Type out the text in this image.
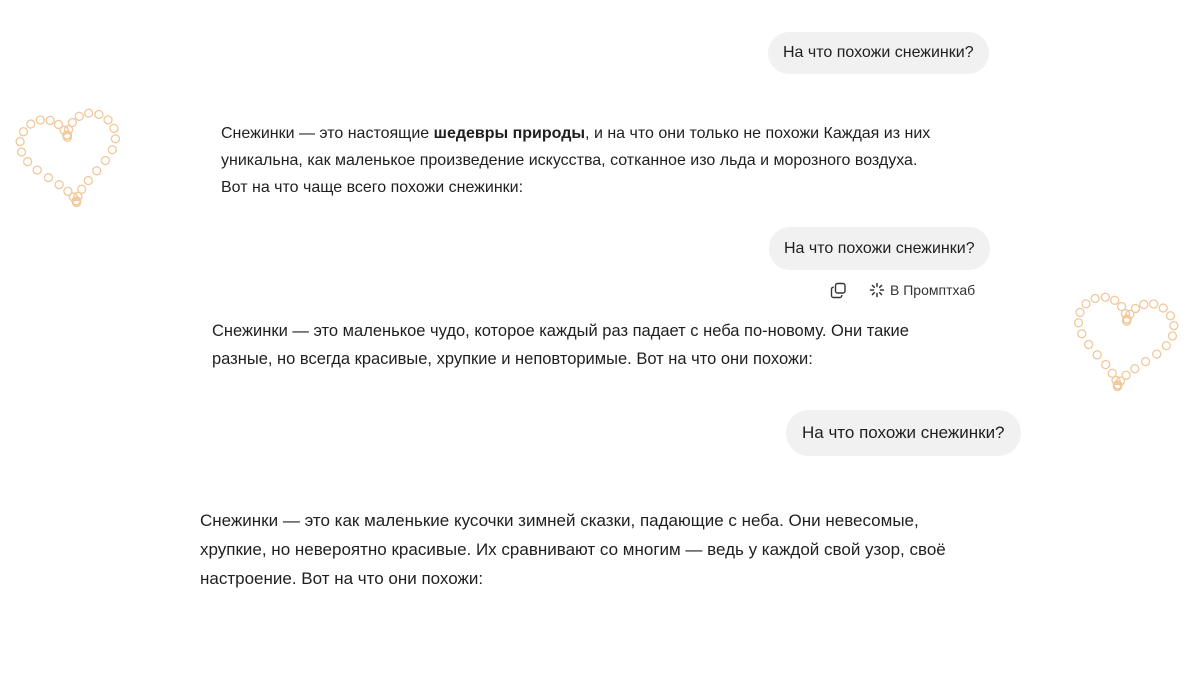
На что похожи снежинки?

Снежинки — это настоящие шедевры природы, и на что они только не похожи Каждая из них уникальна, как маленькое произведение искусства, сотканное изо льда и морозного воздуха. Вот на что чаще всего похожи снежинки:

На что похожи снежинки?
В Промптхаб

Снежинки — это маленькое чудо, которое каждый раз падает с неба по-новому. Они такие разные, но всегда красивые, хрупкие и неповторимые. Вот на что они похожи:

На что похожи снежинки?

Снежинки — это как маленькие кусочки зимней сказки, падающие с неба. Они невесомые, хрупкие, но невероятно красивые. Их сравнивают со многим — ведь у каждой свой узор, своё настроение. Вот на что они похожи:
